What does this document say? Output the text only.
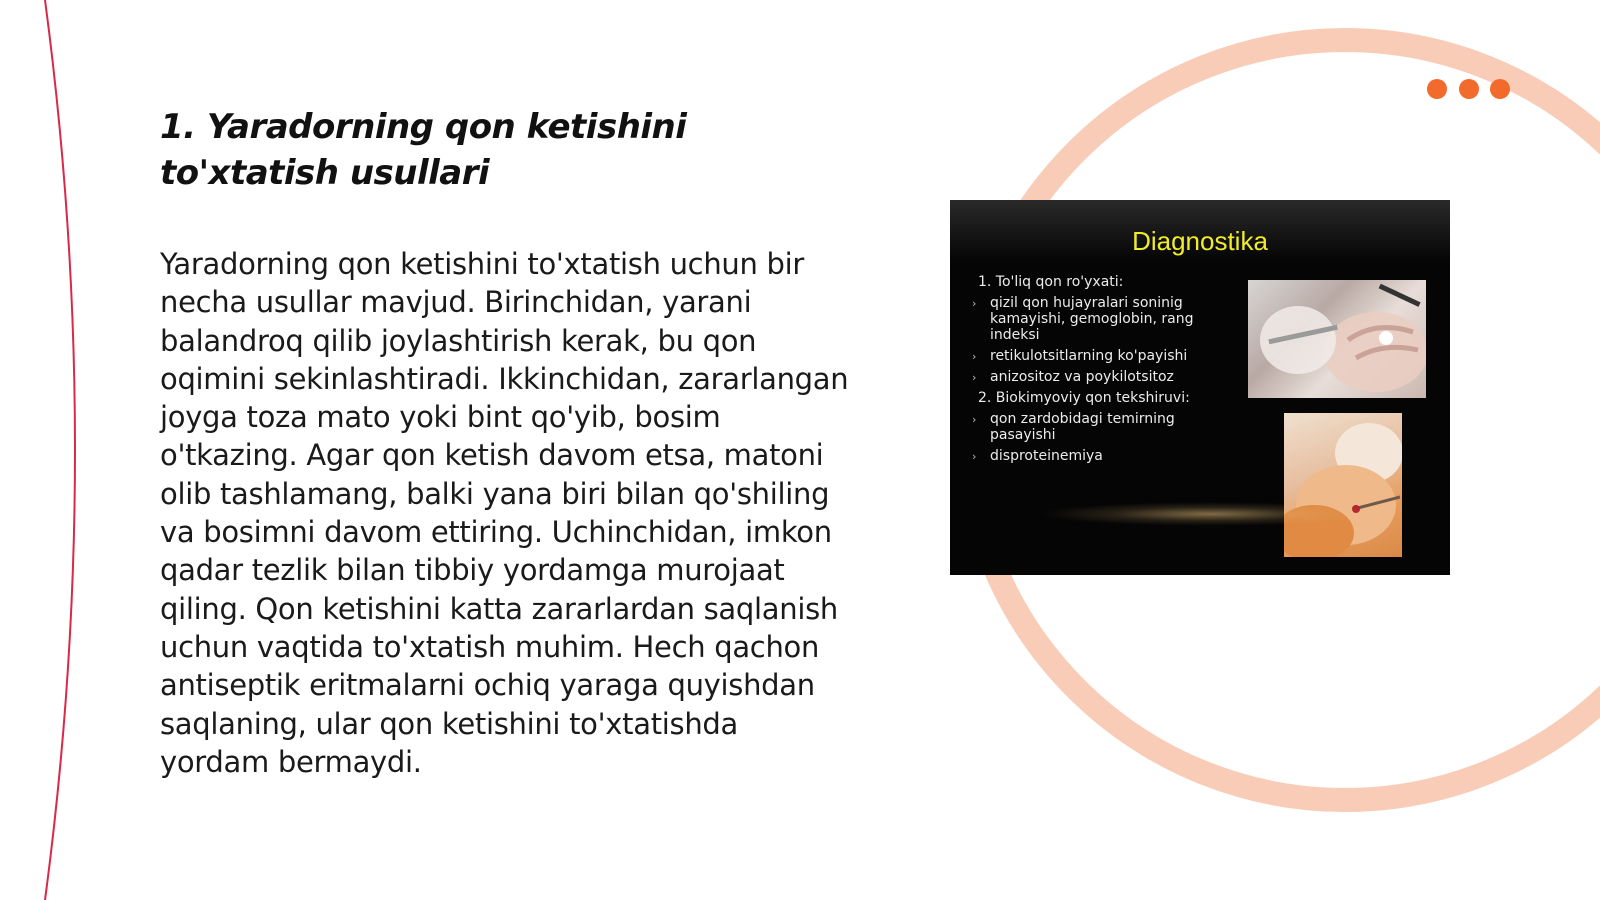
1. Yaradorning qon ketishini to'xtatish usullari

Yaradorning qon ketishini to'xtatish uchun bir necha usullar mavjud. Birinchidan, yarani balandroq qilib joylashtirish kerak, bu qon oqimini sekinlashtiradi. Ikkinchidan, zararlangan joyga toza mato yoki bint qo'yib, bosim o'tkazing. Agar qon ketish davom etsa, matoni olib tashlamang, balki yana biri bilan qo'shiling va bosimni davom ettiring. Uchinchidan, imkon qadar tezlik bilan tibbiy yordamga murojaat qiling. Qon ketishini katta zararlardan saqlanish uchun vaqtida to'xtatish muhim. Hech qachon antiseptik eritmalarni ochiq yaraga quyishdan saqlaning, ular qon ketishini to'xtatishda yordam bermaydi.

Diagnostika
1. To'liq qon ro'yxati:
› qizil qon hujayralari soninig kamayishi, gemoglobin, rang indeksi
› retikulotsitlarning ko'payishi
› anizositoz va poykilotsitoz
2. Biokimyoviy qon tekshiruvi:
› qon zardobidagi temirning pasayishi
› disproteinemiya
